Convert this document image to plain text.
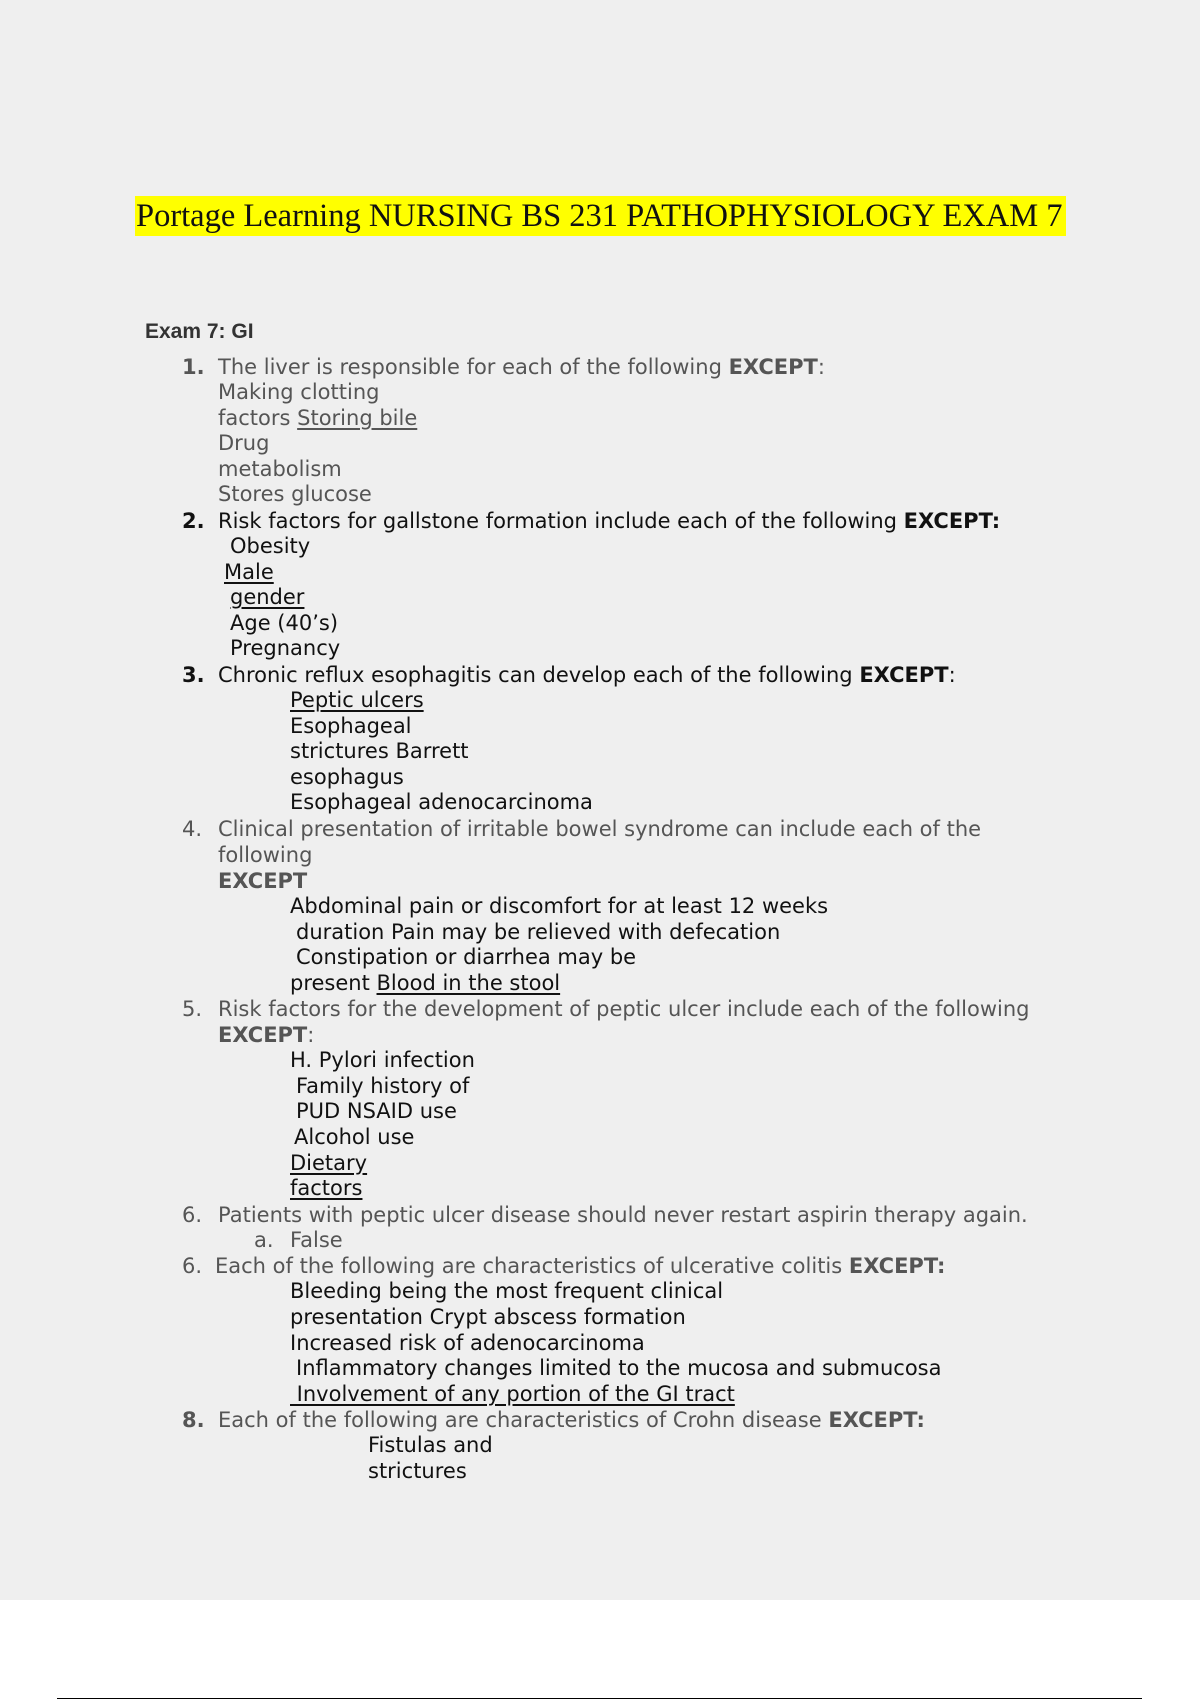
Portage Learning NURSING BS 231 PATHOPHYSIOLOGY EXAM 7
Exam 7: GI
1. The liver is responsible for each of the following EXCEPT:
Making clotting
factors Storing bile
Drug
metabolism
Stores glucose
2. Risk factors for gallstone formation include each of the following EXCEPT:
Obesity
Male
gender
Age (40’s)
Pregnancy
3. Chronic reflux esophagitis can develop each of the following EXCEPT:
Peptic ulcers
Esophageal
strictures Barrett
esophagus
Esophageal adenocarcinoma
4. Clinical presentation of irritable bowel syndrome can include each of the following
EXCEPT
Abdominal pain or discomfort for at least 12 weeks
duration Pain may be relieved with defecation
Constipation or diarrhea may be
present Blood in the stool
5. Risk factors for the development of peptic ulcer include each of the following
EXCEPT:
H. Pylori infection
Family history of
PUD NSAID use
Alcohol use
Dietary
factors
6. Patients with peptic ulcer disease should never restart aspirin therapy again.
a. False
6. Each of the following are characteristics of ulcerative colitis EXCEPT:
Bleeding being the most frequent clinical
presentation Crypt abscess formation
Increased risk of adenocarcinoma
Inflammatory changes limited to the mucosa and submucosa
Involvement of any portion of the GI tract
8. Each of the following are characteristics of Crohn disease EXCEPT:
Fistulas and
strictures
